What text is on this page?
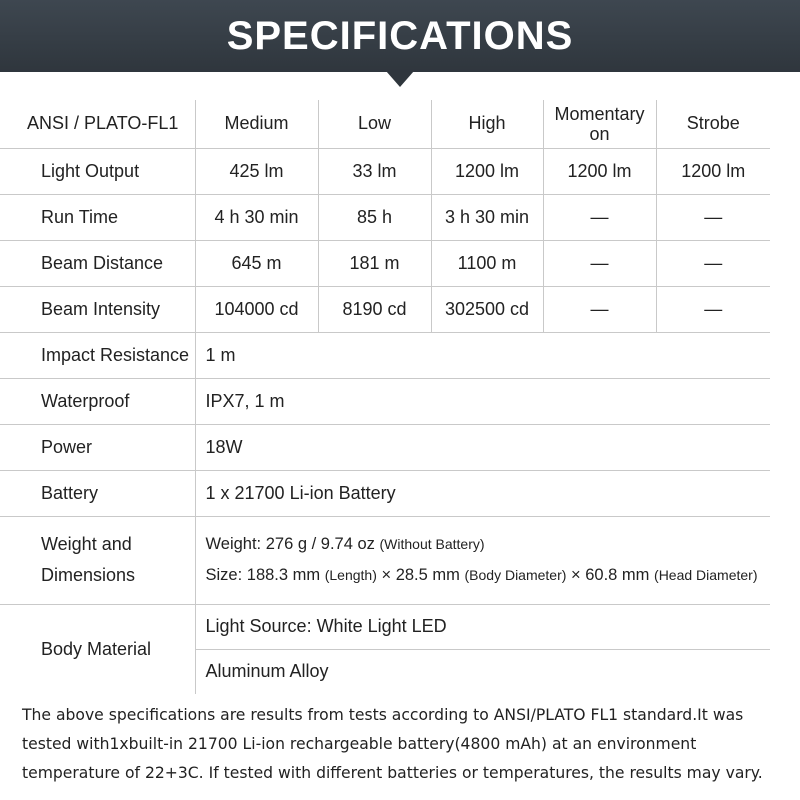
SPECIFICATIONS
ANSI / PLATO-FL1	Medium	Low	High	Momentary on	Strobe
Light Output	425 lm	33 lm	1200 lm	1200 lm	1200 lm
Run Time	4 h 30 min	85 h	3 h 30 min	—	—
Beam Distance	645 m	181 m	1100 m	—	—
Beam Intensity	104000 cd	8190 cd	302500 cd	—	—
Impact Resistance	1 m				
Waterproof	IPX7, 1 m				
Power	18W				
Battery	1 x 21700 Li-ion Battery				

Weight and
Dimensions	Weight: 276 g / 9.74 oz (Without Battery)
Size: 188.3 mm (Length) × 28.5 mm (Body Diameter) × 60.8 mm (Head Diameter)				

Body Material	Light Source: White Light LED				
	Aluminum Alloy				

The above specifications are results from tests according to ANSI/PLATO FL1 standard.It was tested with1xbuilt-in 21700 Li-ion rechargeable battery(4800 mAh) at an environment temperature of 22+3C. If tested with different batteries or temperatures, the results may vary.
